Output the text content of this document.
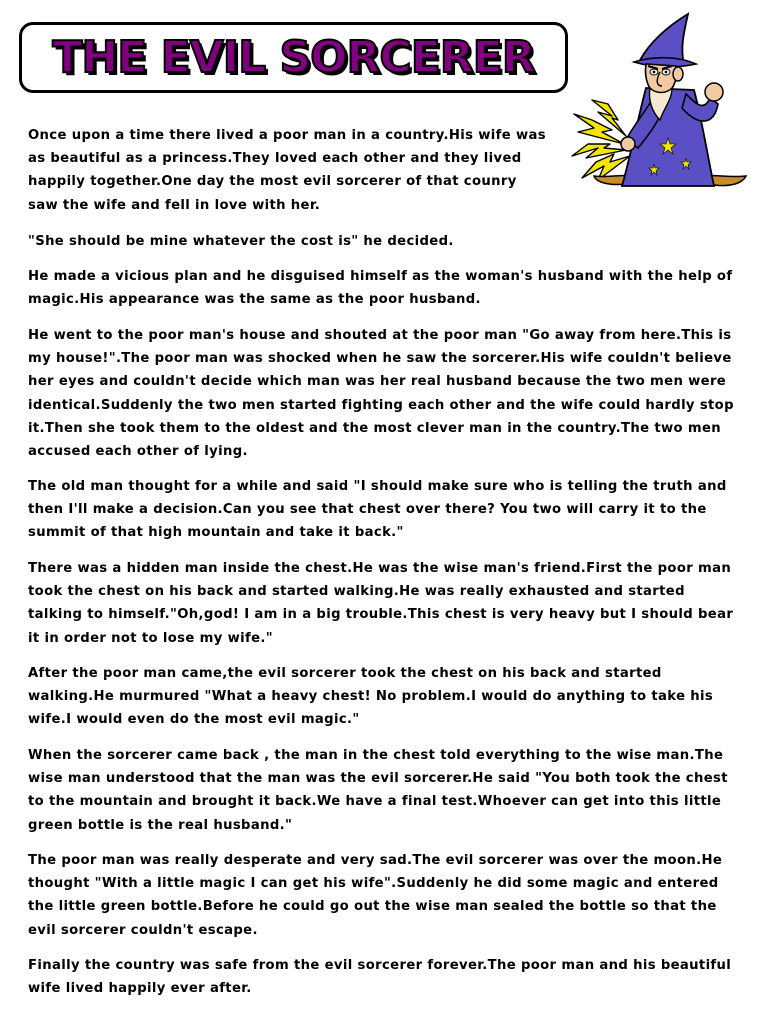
THE EVIL SORCERER

Once upon a time there lived a poor man in a country.His wife was as beautiful as a princess.They loved each other and they lived happily together.One day the most evil sorcerer of that counry saw the wife and fell in love with her.

"She should be mine whatever the cost is" he decided.

He made a vicious plan and he disguised himself as the woman's husband with the help of magic.His appearance was the same as the poor husband.

He went to the poor man's house and shouted at the poor man "Go away from here.This is my house!".The poor man was shocked when he saw the sorcerer.His wife couldn't believe her eyes and couldn't decide which man was her real husband because the two men were identical.Suddenly the two men started fighting each other and the wife could hardly stop it.Then she took them to the oldest and the most clever man in the country.The two men accused each other of lying.

The old man thought for a while and said "I should make sure who is telling the truth and then I'll make a decision.Can you see that chest over there? You two will carry it to the summit of that high mountain and take it back."

There was a hidden man inside the chest.He was the wise man's friend.First the poor man took the chest on his back and started walking.He was really exhausted and started talking to himself."Oh,god! I am in a big trouble.This chest is very heavy but I should bear it in order not to lose my wife."

After the poor man came,the evil sorcerer took the chest on his back and started walking.He murmured "What a heavy chest! No problem.I would do anything to take his wife.I would even do the most evil magic."

When the sorcerer came back , the man in the chest told everything to the wise man.The wise man understood that the man was the evil sorcerer.He said "You both took the chest to the mountain and brought it back.We have a final test.Whoever can get into this little green bottle is the real husband."

The poor man was really desperate and very sad.The evil sorcerer was over the moon.He thought "With a little magic I can get his wife".Suddenly he did some magic and entered the little green bottle.Before he could go out the wise man sealed the bottle so that the evil sorcerer couldn't escape.

Finally the country was safe from the evil sorcerer forever.The poor man and his beautiful wife lived happily ever after.
